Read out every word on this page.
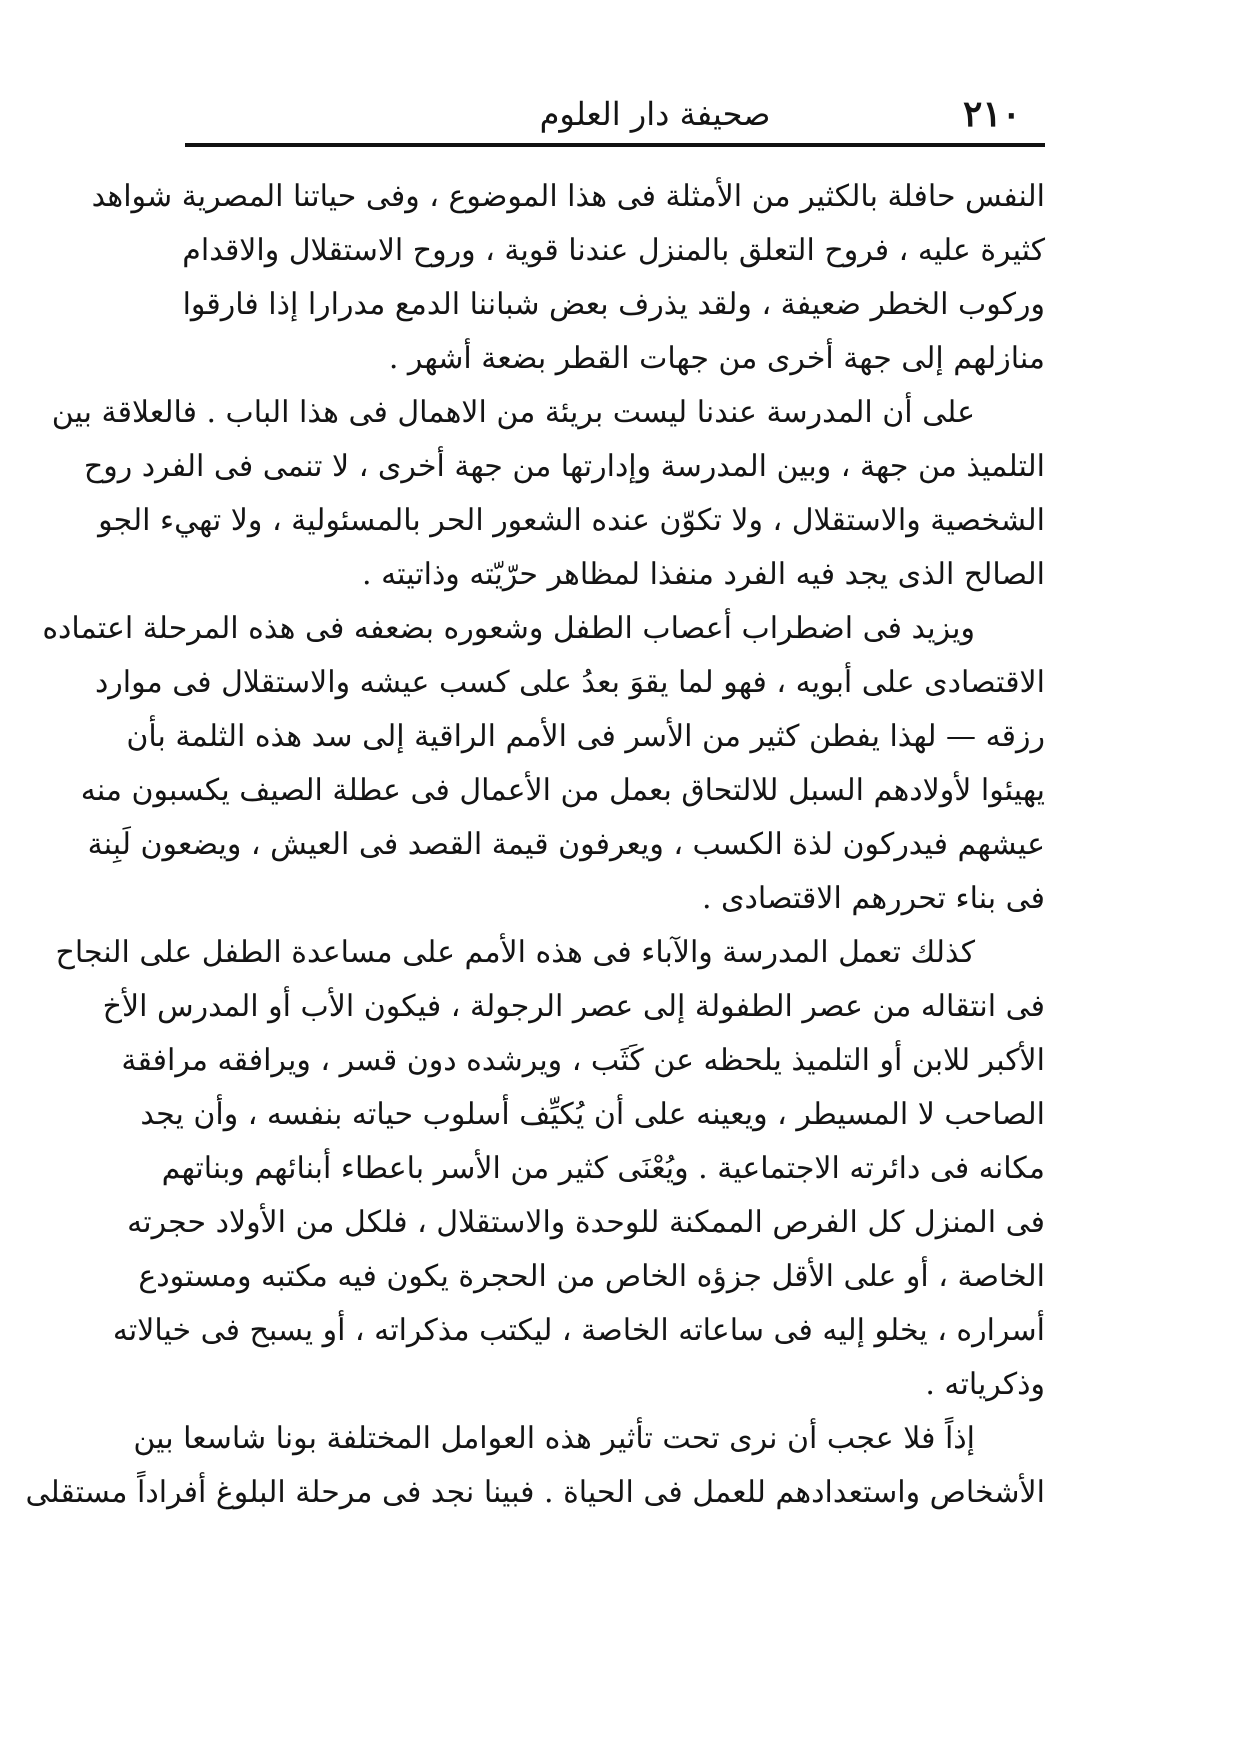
صحيفة دار العلوم	٢١٠
النفس حافلة بالكثير من الأمثلة فى هذا الموضوع ، وفى حياتنا المصرية شواهد
كثيرة عليه ، فروح التعلق بالمنزل عندنا قوية ، وروح الاستقلال والاقدام
وركوب الخطر ضعيفة ، ولقد يذرف بعض شباننا الدمع مدرارا إذا فارقوا
منازلهم إلى جهة أخرى من جهات القطر بضعة أشهر .
على أن المدرسة عندنا ليست بريئة من الاهمال فى هذا الباب . فالعلاقة بين
التلميذ من جهة ، وبين المدرسة وإدارتها من جهة أخرى ، لا تنمى فى الفرد روح
الشخصية والاستقلال ، ولا تكوّن عنده الشعور الحر بالمسئولية ، ولا تهيء الجو
الصالح الذى يجد فيه الفرد منفذا لمظاهر حرّيّته وذاتيته .
ويزيد فى اضطراب أعصاب الطفل وشعوره بضعفه فى هذه المرحلة اعتماده
الاقتصادى على أبويه ، فهو لما يقوَ بعدُ على كسب عيشه والاستقلال فى موارد
رزقه — لهذا يفطن كثير من الأسر فى الأمم الراقية إلى سد هذه الثلمة بأن
يهيئوا لأولادهم السبل للالتحاق بعمل من الأعمال فى عطلة الصيف يكسبون منه
عيشهم فيدركون لذة الكسب ، ويعرفون قيمة القصد فى العيش ، ويضعون لَبِنة
فى بناء تحررهم الاقتصادى .
كذلك تعمل المدرسة والآباء فى هذه الأمم على مساعدة الطفل على النجاح
فى انتقاله من عصر الطفولة إلى عصر الرجولة ، فيكون الأب أو المدرس الأخ
الأكبر للابن أو التلميذ يلحظه عن كَثَب ، ويرشده دون قسر ، ويرافقه مرافقة
الصاحب لا المسيطر ، ويعينه على أن يُكيِّف أسلوب حياته بنفسه ، وأن يجد
مكانه فى دائرته الاجتماعية . ويُعْنَى كثير من الأسر باعطاء أبنائهم وبناتهم
فى المنزل كل الفرص الممكنة للوحدة والاستقلال ، فلكل من الأولاد حجرته
الخاصة ، أو على الأقل جزؤه الخاص من الحجرة يكون فيه مكتبه ومستودع
أسراره ، يخلو إليه فى ساعاته الخاصة ، ليكتب مذكراته ، أو يسبح فى خيالاته
وذكرياته .
إذاً فلا عجب أن نرى تحت تأثير هذه العوامل المختلفة بونا شاسعا بين
الأشخاص واستعدادهم للعمل فى الحياة . فبينا نجد فى مرحلة البلوغ أفراداً مستقلى
